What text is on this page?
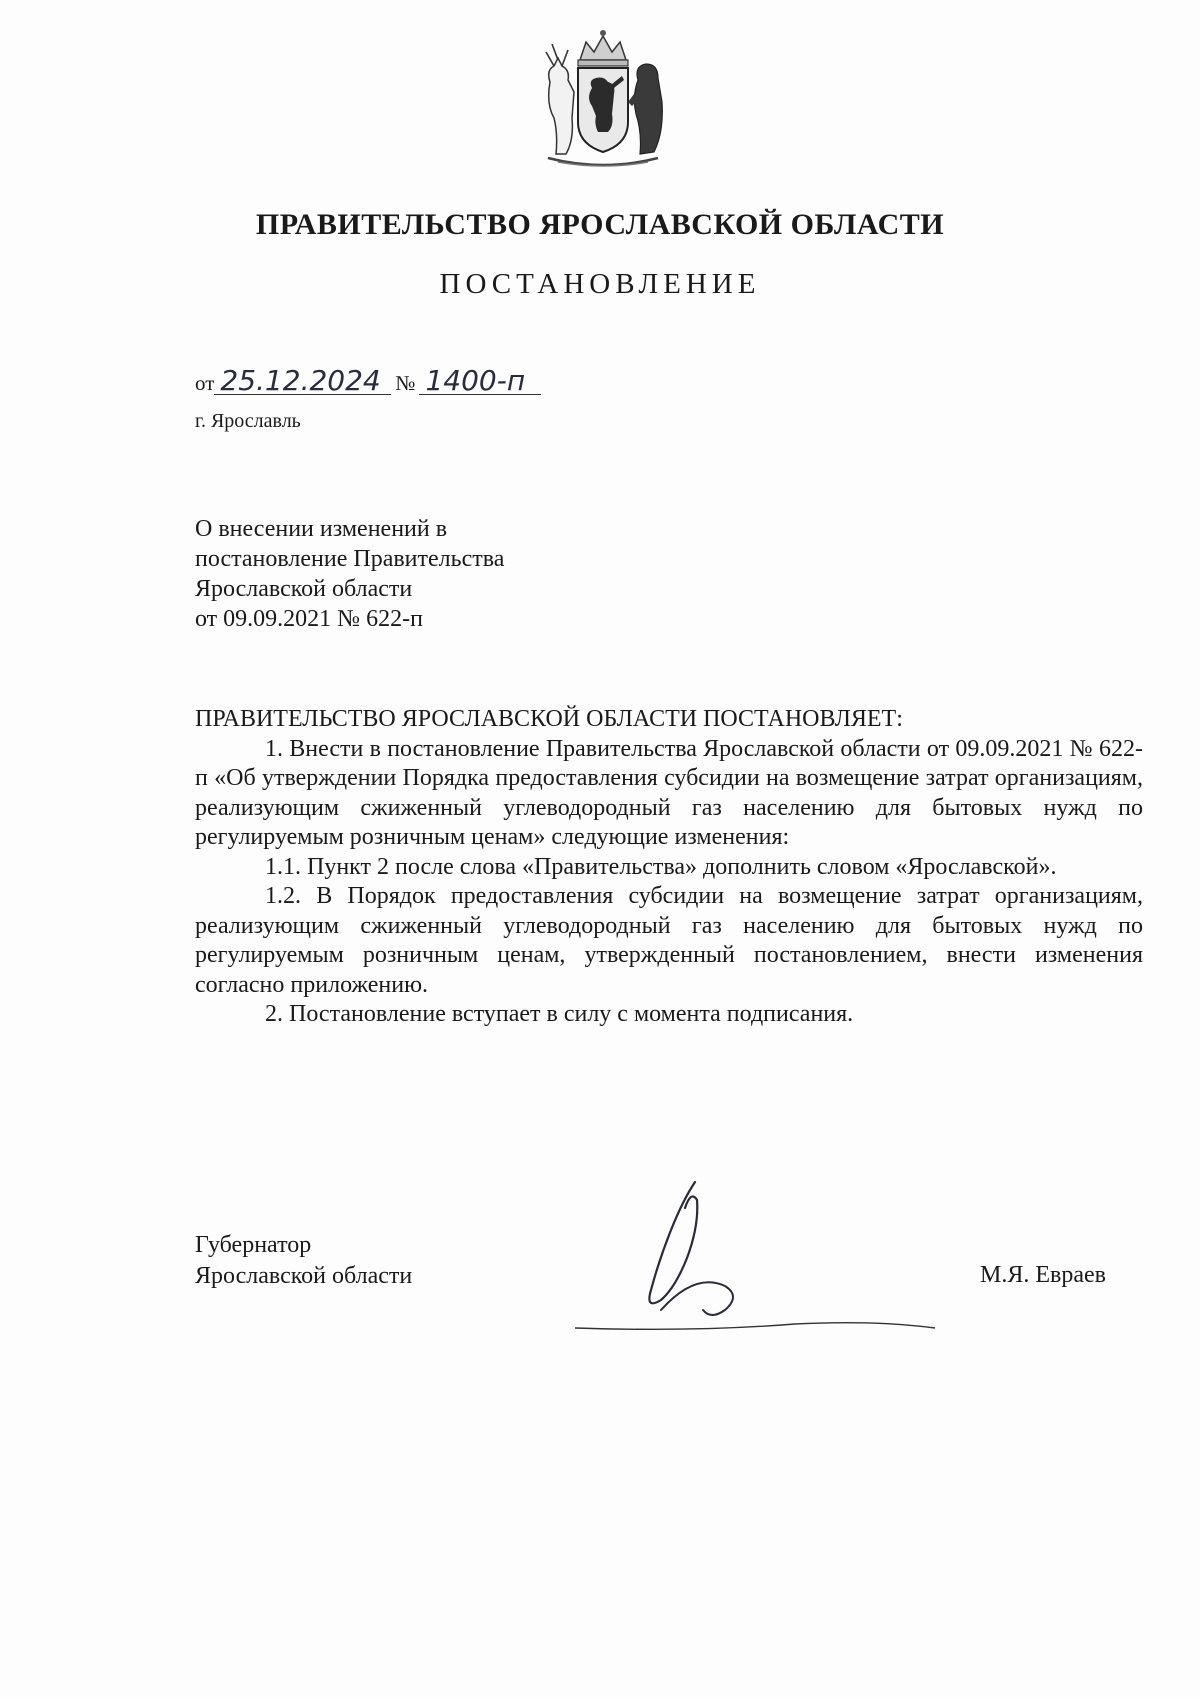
ПРАВИТЕЛЬСТВО ЯРОСЛАВСКОЙ ОБЛАСТИ
ПОСТАНОВЛЕНИЕ
от 25.12.2024 № 1400-п
г. Ярославль
О внесении изменений в
постановление Правительства
Ярославской области
от 09.09.2021 № 622-п

ПРАВИТЕЛЬСТВО ЯРОСЛАВСКОЙ ОБЛАСТИ ПОСТАНОВЛЯЕТ:

1. Внести в постановление Правительства Ярославской области от 09.09.2021 № 622-п «Об утверждении Порядка предоставления субсидии на возмещение затрат организациям, реализующим сжиженный углеводородный газ населению для бытовых нужд по регулируемым розничным ценам» следующие изменения:

1.1. Пункт 2 после слова «Правительства» дополнить словом «Ярославской».

1.2. В Порядок предоставления субсидии на возмещение затрат организациям, реализующим сжиженный углеводородный газ населению для бытовых нужд по регулируемым розничным ценам, утвержденный постановлением, внести изменения согласно приложению.

2. Постановление вступает в силу с момента подписания.

Губернатор
Ярославской области	М.Я. Евраев
